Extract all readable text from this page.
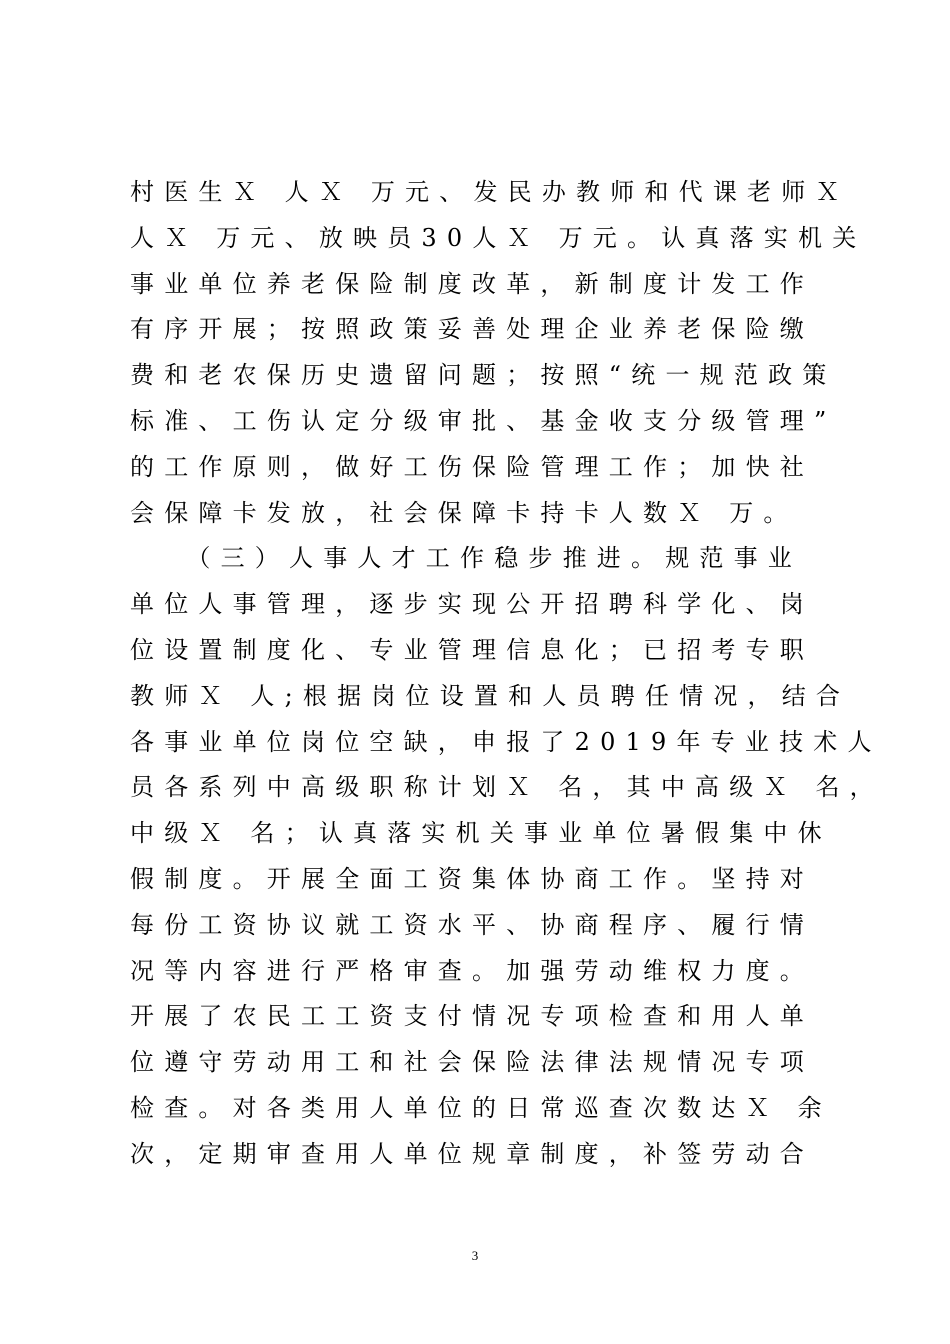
村医生Ｘ 人Ｘ 万元、发民办教师和代课老师Ｘ
人Ｘ 万元、放映员30人Ｘ 万元。认真落实机关
事业单位养老保险制度改革，新制度计发工作
有序开展；按照政策妥善处理企业养老保险缴
费和老农保历史遗留问题；按照“统一规范政策
标准、工伤认定分级审批、基金收支分级管理”
的工作原则，做好工伤保险管理工作；加快社
会保障卡发放，社会保障卡持卡人数Ｘ 万。
　　（三）人事人才工作稳步推进。规范事业
单位人事管理，逐步实现公开招聘科学化、岗
位设置制度化、专业管理信息化；已招考专职
教师Ｘ 人;根据岗位设置和人员聘任情况，结合
各事业单位岗位空缺，申报了2019年专业技术人
员各系列中高级职称计划Ｘ 名，其中高级Ｘ 名，
中级Ｘ 名；认真落实机关事业单位暑假集中休
假制度。开展全面工资集体协商工作。坚持对
每份工资协议就工资水平、协商程序、履行情
况等内容进行严格审查。加强劳动维权力度。
开展了农民工工资支付情况专项检查和用人单
位遵守劳动用工和社会保险法律法规情况专项
检查。对各类用人单位的日常巡查次数达Ｘ 余
次，定期审查用人单位规章制度，补签劳动合
3
